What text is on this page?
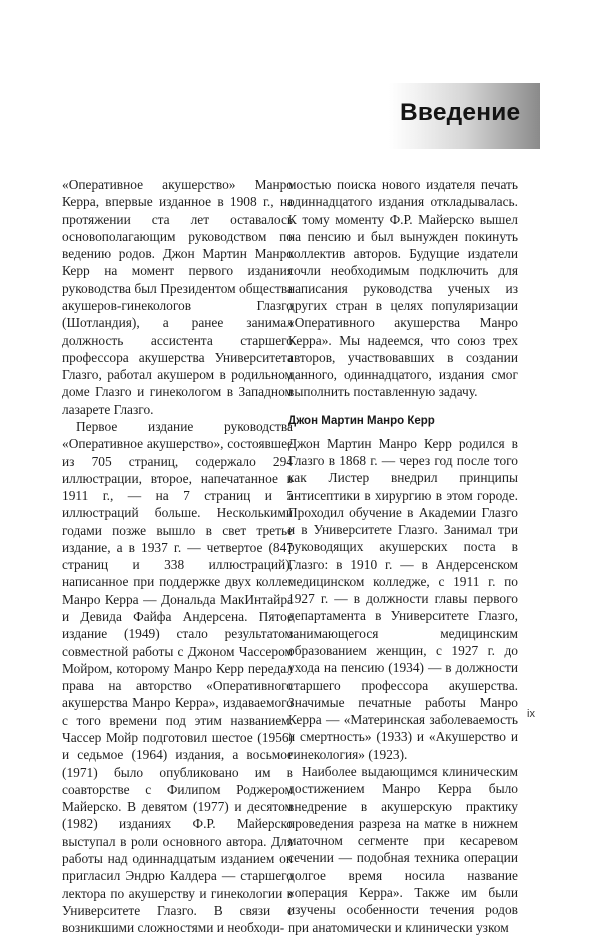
Введение

«Оперативное акушерство» Манро Керра, впервые изданное в 1908 г., на протяжении ста лет оставалось основополагающим руководством по ведению родов. Джон Мартин Манро Керр на момент первого издания руководства был Президентом общества акушеров-гинекологов Глазго (Шотландия), а ранее занимал должность ассистента старшего профессора акушерства Университета Глазго, работал акушером в родильном доме Глазго и гинекологом в Западном лазарете Глазго.

Первое издание руководства «Оперативное акушерство», состоявшее из 705 страниц, содержало 294 иллюстрации, второе, напечатанное в 1911 г., — на 7 страниц и 5 иллюстраций больше. Несколькими годами позже вышло в свет третье издание, а в 1937 г. — четвертое (847 страниц и 338 иллюстраций), написанное при поддержке двух коллег Манро Керра — Дональда МакИнтайра и Девида Файфа Андерсена. Пятое издание (1949) стало результатом совместной работы с Джоном Чассером Мойром, которому Манро Керр передал права на авторство «Оперативного акушерства Манро Керра», издаваемого с того времени под этим названием. Чассер Мойр подготовил шестое (1956) и седьмое (1964) издания, а восьмое (1971) было опубликовано им в соавторстве с Филипом Роджером Майерско. В девятом (1977) и десятом (1982) изданиях Ф.Р. Майерско выступал в роли основного автора. Для работы над одиннадцатым изданием он пригласил Эндрю Калдера — старшего лектора по акушерству и гинекологии в Университете Глазго. В связи с возникшими сложностями и необходи-

мостью поиска нового издателя печать одиннадцатого издания откладывалась. К тому моменту Ф.Р. Майерско вышел на пенсию и был вынужден покинуть коллектив авторов. Будущие издатели сочли необходимым подключить для написания руководства ученых из других стран в целях популяризации «Оперативного акушерства Манро Керра». Мы надеемся, что союз трех авторов, участвовавших в создании данного, одиннадцатого, издания смог выполнить поставленную задачу.

Джон Мартин Манро Керр

Джон Мартин Манро Керр родился в Глазго в 1868 г. — через год после того как Листер внедрил принципы антисептики в хирургию в этом городе. Проходил обучение в Академии Глазго и в Университете Глазго. Занимал три руководящих акушерских поста в Глазго: в 1910 г. — в Андерсенском медицинском колледже, с 1911 г. по 1927 г. — в должности главы первого департамента в Университете Глазго, занимающегося медицинским образованием женщин, с 1927 г. до ухода на пенсию (1934) — в должности старшего профессора акушерства. Значимые печатные работы Манро Керра — «Материнская заболеваемость и смертность» (1933) и «Акушерство и гинекология» (1923).

Наиболее выдающимся клиническим достижением Манро Керра было внедрение в акушерскую практику проведения разреза на матке в нижнем маточном сегменте при кесаревом сечении — подобная техника операции долгое время носила название «операция Керра». Также им были изучены особенности течения родов при анатомически и клинически узком

ix
